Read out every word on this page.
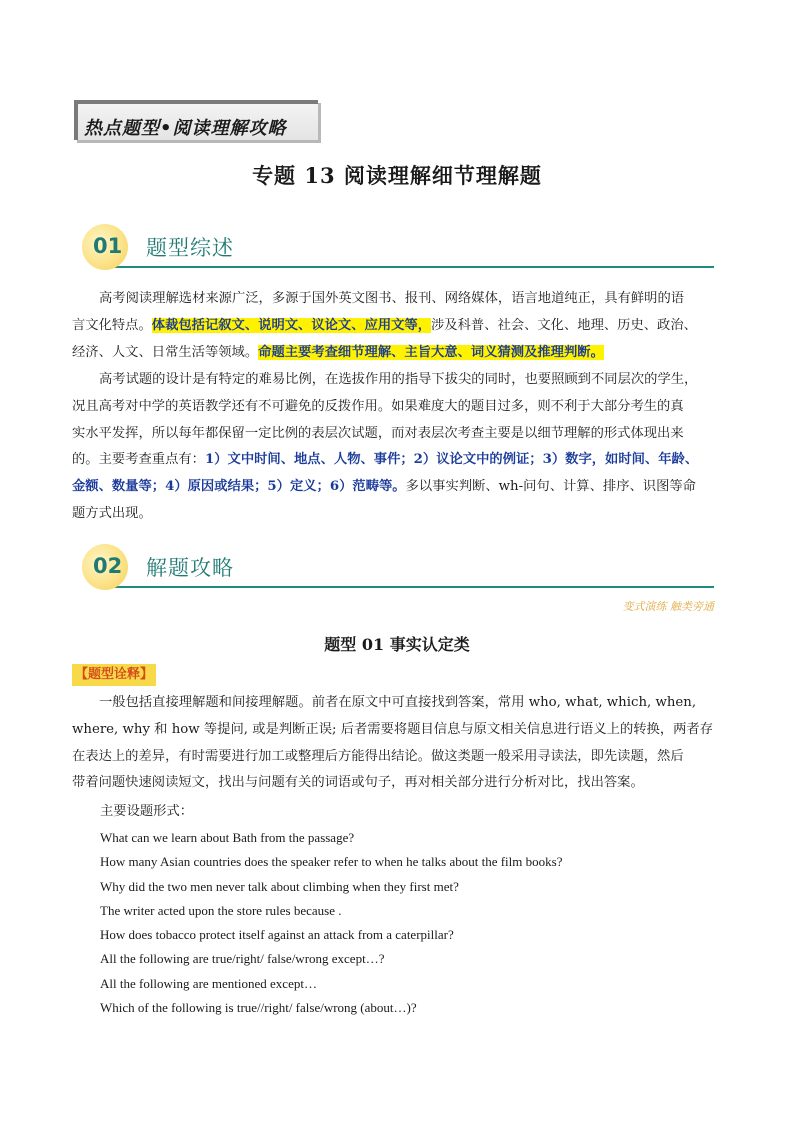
热点题型•阅读理解攻略
专题 13 阅读理解细节理解题
01 题型综述
高考阅读理解选材来源广泛，多源于国外英文图书、报刊、网络媒体，语言地道纯正，具有鲜明的语
言文化特点。体裁包括记叙文、说明文、议论文、应用文等，涉及科普、社会、文化、地理、历史、政治、
经济、人文、日常生活等领域。命题主要考查细节理解、主旨大意、词义猜测及推理判断。
高考试题的设计是有特定的难易比例，在选拔作用的指导下拔尖的同时，也要照顾到不同层次的学生，
况且高考对中学的英语教学还有不可避免的反拨作用。如果难度大的题目过多，则不利于大部分考生的真
实水平发挥，所以每年都保留一定比例的表层次试题，而对表层次考查主要是以细节理解的形式体现出来
的。主要考查重点有：1）文中时间、地点、人物、事件；2）议论文中的例证；3）数字，如时间、年龄、
金额、数量等；4）原因或结果；5）定义；6）范畴等。多以事实判断、wh-问句、计算、排序、识图等命
题方式出现。
02 解题攻略
变式演练 触类旁通
题型 01 事实认定类
【题型诠释】
一般包括直接理解题和间接理解题。前者在原文中可直接找到答案，常用 who, what, which, when,
where, why 和 how 等提问, 或是判断正误; 后者需要将题目信息与原文相关信息进行语义上的转换，两者存
在表达上的差异，有时需要进行加工或整理后方能得出结论。做这类题一般采用寻读法，即先读题，然后
带着问题快速阅读短文，找出与问题有关的词语或句子，再对相关部分进行分析对比，找出答案。
主要设题形式：
What can we learn about Bath from the passage?
How many Asian countries does the speaker refer to when he talks about the film books?
Why did the two men never talk about climbing when they first met?
The writer acted upon the store rules because .
How does tobacco protect itself against an attack from a caterpillar?
All the following are true/right/ false/wrong except…?
All the following are mentioned except…
Which of the following is true//right/ false/wrong (about…)?
